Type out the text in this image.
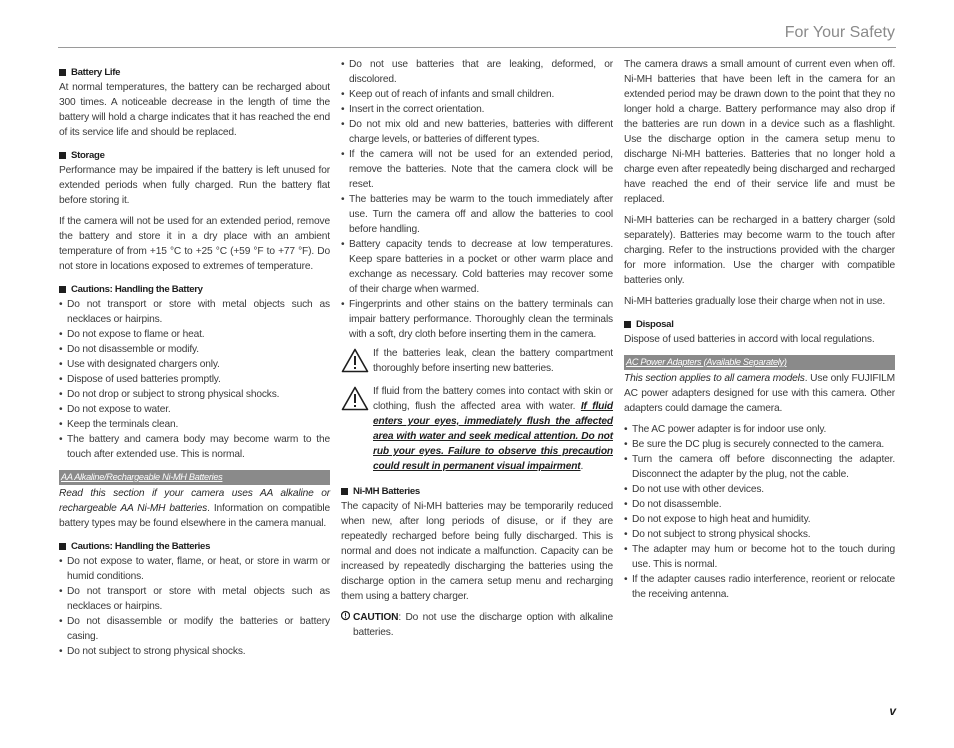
For Your Safety
Battery Life

At normal temperatures, the battery can be recharged about 300 times. A noticeable decrease in the length of time the battery will hold a charge indicates that it has reached the end of its service life and should be replaced.

Storage

Performance may be impaired if the battery is left unused for extended periods when fully charged. Run the battery flat before storing it.

If the camera will not be used for an extended period, remove the battery and store it in a dry place with an ambient temperature of from +15 °C to +25 °C (+59 °F to +77 °F). Do not store in locations exposed to extremes of temperature.

Cautions: Handling the Battery
• Do not transport or store with metal objects such as necklaces or hairpins.
• Do not expose to flame or heat.
• Do not disassemble or modify.
• Use with designated chargers only.
• Dispose of used batteries promptly.
• Do not drop or subject to strong physical shocks.
• Do not expose to water.
• Keep the terminals clean.
• The battery and camera body may become warm to the touch after extended use. This is normal.
AA Alkaline/Rechargeable Ni-MH Batteries

Read this section if your camera uses AA alkaline or rechargeable AA Ni-MH batteries. Information on compatible battery types may be found elsewhere in the camera manual.

Cautions: Handling the Batteries
• Do not expose to water, flame, or heat, or store in warm or humid conditions.
• Do not transport or store with metal objects such as necklaces or hairpins.
• Do not disassemble or modify the batteries or battery casing.
• Do not subject to strong physical shocks.
• Do not use batteries that are leaking, deformed, or discolored.
• Keep out of reach of infants and small children.
• Insert in the correct orientation.
• Do not mix old and new batteries, batteries with different charge levels, or batteries of different types.
• If the camera will not be used for an extended period, remove the batteries. Note that the camera clock will be reset.
• The batteries may be warm to the touch immediately after use. Turn the camera off and allow the batteries to cool before handling.
• Battery capacity tends to decrease at low temperatures. Keep spare batteries in a pocket or other warm place and exchange as necessary. Cold batteries may recover some of their charge when warmed.
• Fingerprints and other stains on the battery terminals can impair battery performance. Thoroughly clean the terminals with a soft, dry cloth before inserting them in the camera.
If the batteries leak, clean the battery compartment thoroughly before inserting new batteries.
If fluid from the battery comes into contact with skin or clothing, flush the affected area with water. If fluid enters your eyes, immediately flush the affected area with water and seek medical attention. Do not rub your eyes. Failure to observe this precaution could result in permanent visual impairment.
Ni-MH Batteries

The capacity of Ni-MH batteries may be temporarily reduced when new, after long periods of disuse, or if they are repeatedly recharged before being fully discharged. This is normal and does not indicate a malfunction. Capacity can be increased by repeatedly discharging the batteries using the discharge option in the camera setup menu and recharging them using a battery charger.

CAUTION: Do not use the discharge option with alkaline batteries.

The camera draws a small amount of current even when off. Ni-MH batteries that have been left in the camera for an extended period may be drawn down to the point that they no longer hold a charge. Battery performance may also drop if the batteries are run down in a device such as a flashlight. Use the discharge option in the camera setup menu to discharge Ni-MH batteries. Batteries that no longer hold a charge even after repeatedly being discharged and recharged have reached the end of their service life and must be replaced.

Ni-MH batteries can be recharged in a battery charger (sold separately). Batteries may become warm to the touch after charging. Refer to the instructions provided with the charger for more information. Use the charger with compatible batteries only.

Ni-MH batteries gradually lose their charge when not in use.

Disposal

Dispose of used batteries in accord with local regulations.

AC Power Adapters (Available Separately)

This section applies to all camera models. Use only FUJIFILM AC power adapters designed for use with this camera. Other adapters could damage the camera.

• The AC power adapter is for indoor use only.
• Be sure the DC plug is securely connected to the camera.
• Turn the camera off before disconnecting the adapter. Disconnect the adapter by the plug, not the cable.
• Do not use with other devices.
• Do not disassemble.
• Do not expose to high heat and humidity.
• Do not subject to strong physical shocks.
• The adapter may hum or become hot to the touch during use. This is normal.
• If the adapter causes radio interference, reorient or relocate the receiving antenna.
v
